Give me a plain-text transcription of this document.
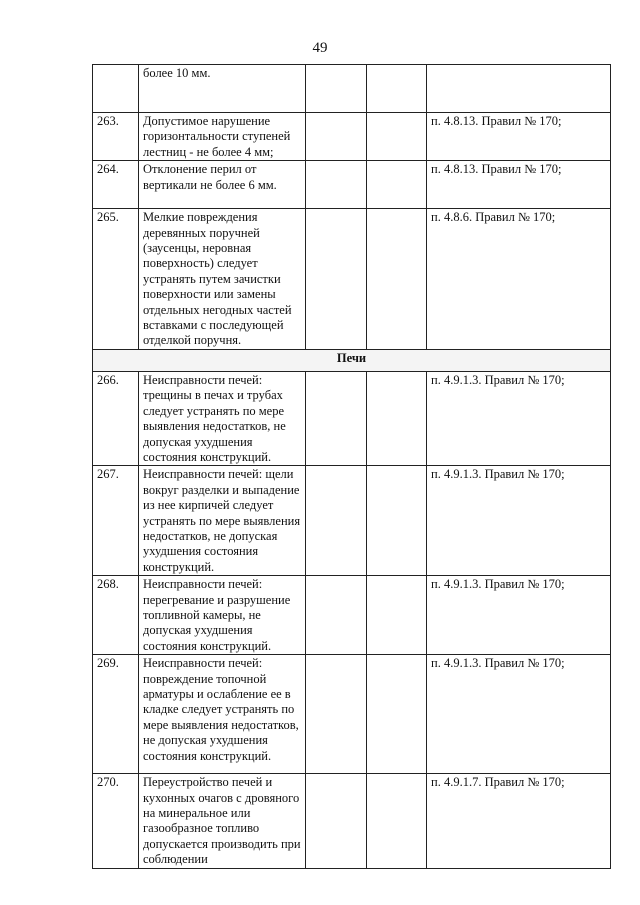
49
	более 10 мм.			
263.	Допустимое нарушение горизонтальности ступеней лестниц - не более 4 мм;			п. 4.8.13. Правил № 170;
264.	Отклонение перил от вертикали не более 6 мм.			п. 4.8.13. Правил № 170;
265.	Мелкие повреждения деревянных поручней (заусенцы, неровная поверхность) следует устранять путем зачистки поверхности или замены отдельных негодных частей вставками с последующей отделкой поручня.			п. 4.8.6. Правил № 170;
Печи				
266.	Неисправности печей: трещины в печах и трубах следует устранять по мере выявления недостатков, не допуская ухудшения состояния конструкций.			п. 4.9.1.3. Правил № 170;
267.	Неисправности печей: щели вокруг разделки и выпадение из нее кирпичей следует устранять по мере выявления недостатков, не допуская ухудшения состояния конструкций.			п. 4.9.1.3. Правил № 170;
268.	Неисправности печей: перегревание и разрушение топливной камеры, не допуская ухудшения состояния конструкций.			п. 4.9.1.3. Правил № 170;
269.	Неисправности печей: повреждение топочной арматуры и ослабление ее в кладке следует устранять по мере выявления недостатков, не допуская ухудшения состояния конструкций.			п. 4.9.1.3. Правил № 170;
270.	Переустройство печей и кухонных очагов с дровяного на минеральное или газообразное топливо допускается производить при соблюдении			п. 4.9.1.7. Правил № 170;
